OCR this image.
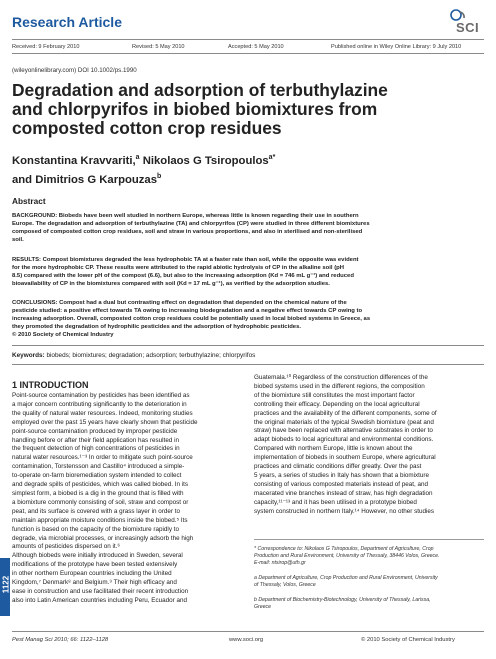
Research Article	SCI
Received: 9 February 2010	Revised: 5 May 2010	Accepted: 5 May 2010	Published online in Wiley Online Library: 9 July 2010
(wileyonlinelibrary.com) DOI 10.1002/ps.1990
Degradation and adsorption of terbuthylazine
and chlorpyrifos in biobed biomixtures from
composted cotton crop residues
Konstantina Kravvariti,$^a$ Nikolaos G Tsiropoulos$^{a*}$
and Dimitrios G Karpouzas$^b$
Abstract
BACKGROUND: Biobeds have been well studied in northern Europe, whereas little is known regarding their use in southern
Europe. The degradation and adsorption of terbuthylazine (TA) and chlorpyrifos (CP) were studied in three different biomixtures
composed of composted cotton crop residues, soil and straw in various proportions, and also in sterilised and non-sterilised
soil.
RESULTS: Compost biomixtures degraded the less hydrophobic TA at a faster rate than soil, while the opposite was evident
for the more hydrophobic CP. These results were attributed to the rapid abiotic hydrolysis of CP in the alkaline soil (pH
8.5) compared with the lower pH of the compost (6.6), but also to the increasing adsorption (Kd = 746 mL g⁻¹) and reduced
bioavailability of CP in the biomixtures compared with soil (Kd = 17 mL g⁻¹), as verified by the adsorption studies.
CONCLUSIONS: Compost had a dual but contrasting effect on degradation that depended on the chemical nature of the
pesticide studied: a positive effect towards TA owing to increasing biodegradation and a negative effect towards CP owing to
increasing adsorption. Overall, composted cotton crop residues could be potentially used in local biobed systems in Greece, as
they promoted the degradation of hydrophilic pesticides and the adsorption of hydrophobic pesticides.
© 2010 Society of Chemical Industry
Keywords: biobeds; biomixtures; degradation; adsorption; terbuthylazine; chlorpyrifos
1 INTRODUCTION
Point-source contamination by pesticides has been identified as
a major concern contributing significantly to the deterioration in
the quality of natural water resources. Indeed, monitoring studies
employed over the past 15 years have clearly shown that pesticide
point-source contamination produced by improper pesticide
handling before or after their field application has resulted in
the frequent detection of high concentrations of pesticides in
natural water resources.¹⁻³ In order to mitigate such point-source
contamination, Torstensson and Castillo⁴ introduced a simple-
to-operate on-farm bioremediation system intended to collect
and degrade spills of pesticides, which was called biobed. In its
simplest form, a biobed is a dig in the ground that is filled with
a biomixture commonly consisting of soil, straw and compost or
peat, and its surface is covered with a grass layer in order to
maintain appropriate moisture conditions inside the biobed.⁵ Its
function is based on the capacity of the biomixture rapidly to
degrade, via microbial processes, or increasingly adsorb the high
amounts of pesticides dispersed on it.⁶
Although biobeds were initially introduced in Sweden, several
modifications of the prototype have been tested extensively
in other northern European countries including the United
Kingdom,⁷ Denmark⁸ and Belgium.⁹ Their high efficacy and
ease in construction and use facilitated their recent introduction
also into Latin American countries including Peru, Ecuador and
Guatemala.¹⁰ Regardless of the construction differences of the
biobed systems used in the different regions, the composition
of the biomixture still constitutes the most important factor
controlling their efficacy. Depending on the local agricultural
practices and the availability of the different components, some of
the original materials of the typical Swedish biomixture (peat and
straw) have been replaced with alternative substrates in order to
adapt biobeds to local agricultural and environmental conditions.
Compared with northern Europe, little is known about the
implementation of biobeds in southern Europe, where agricultural
practices and climatic conditions differ greatly. Over the past
5 years, a series of studies in Italy has shown that a biomixture
consisting of various composted materials instead of peat, and
macerated vine branches instead of straw, has high degradation
capacity,¹¹⁻¹³ and it has been utilised in a prototype biobed
system constructed in northern Italy.¹⁴ However, no other studies
* Correspondence to: Nikolaos G Tsiropoulos, Department of Agriculture, Crop
Production and Rural Environment, University of Thessaly, 38446 Volos, Greece.
E-mail: ntsirop@uth.gr
a Department of Agriculture, Crop Production and Rural Environment, University
of Thessaly, Volos, Greece
b Department of Biochemistry-Biotechnology, University of Thessaly, Larissa,
Greece
1122
Pest Manag Sci 2010; 66: 1122–1128	www.soci.org	© 2010 Society of Chemical Industry
